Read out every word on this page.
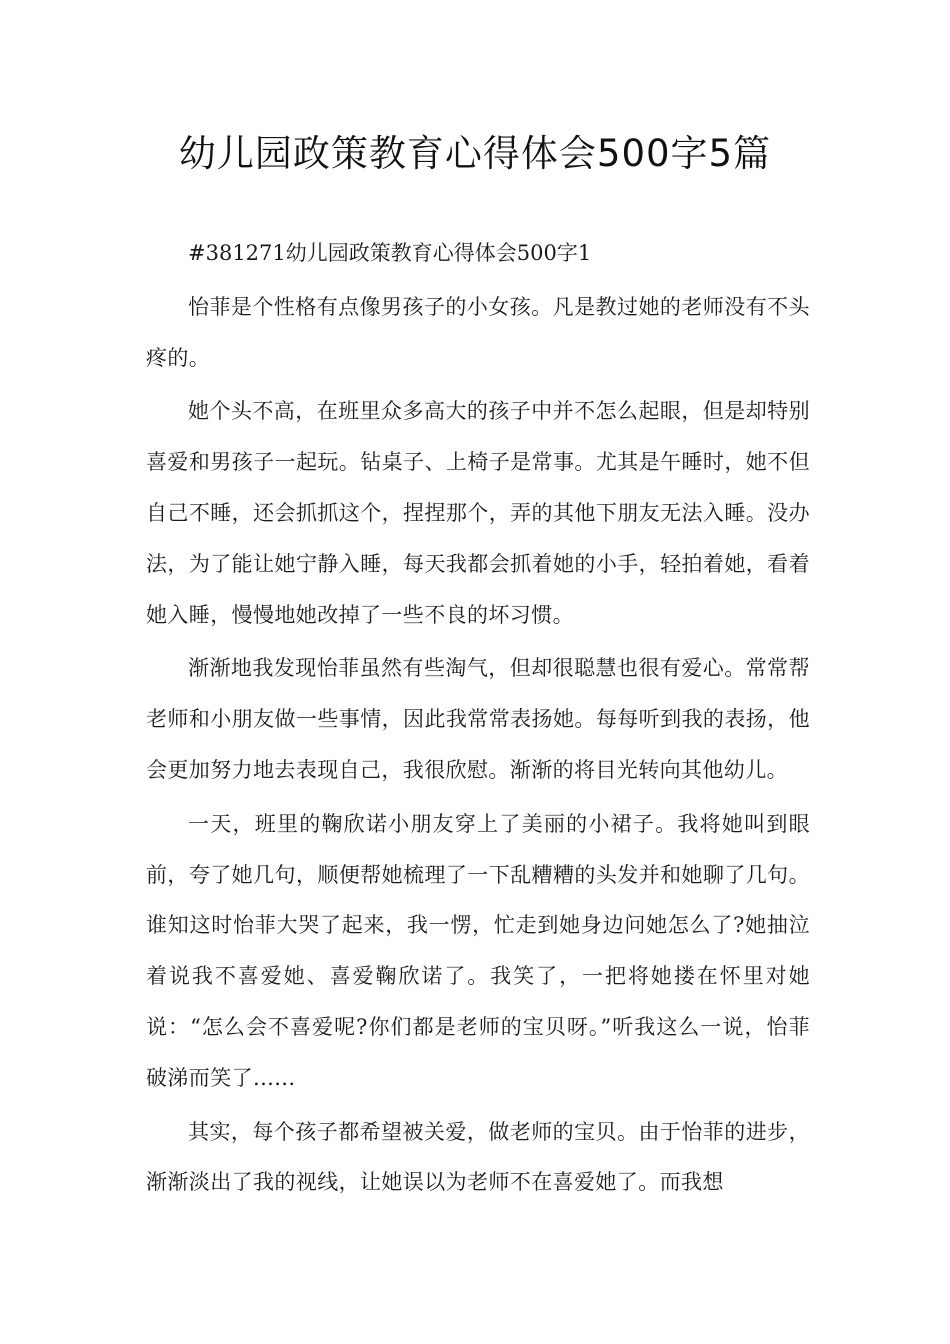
幼儿园政策教育心得体会500字5篇

#381271幼儿园政策教育心得体会500字1

怡菲是个性格有点像男孩子的小女孩。凡是教过她的老师没有不头疼的。

她个头不高，在班里众多高大的孩子中并不怎么起眼，但是却特别喜爱和男孩子一起玩。钻桌子、上椅子是常事。尤其是午睡时，她不但自己不睡，还会抓抓这个，捏捏那个，弄的其他下朋友无法入睡。没办法，为了能让她宁静入睡，每天我都会抓着她的小手，轻拍着她，看着她入睡，慢慢地她改掉了一些不良的坏习惯。

渐渐地我发现怡菲虽然有些淘气，但却很聪慧也很有爱心。常常帮老师和小朋友做一些事情，因此我常常表扬她。每每听到我的表扬，他会更加努力地去表现自己，我很欣慰。渐渐的将目光转向其他幼儿。

一天，班里的鞠欣诺小朋友穿上了美丽的小裙子。我将她叫到眼前，夸了她几句，顺便帮她梳理了一下乱糟糟的头发并和她聊了几句。谁知这时怡菲大哭了起来，我一愣，忙走到她身边问她怎么了?她抽泣着说我不喜爱她、喜爱鞠欣诺了。我笑了，一把将她搂在怀里对她说：“怎么会不喜爱呢?你们都是老师的宝贝呀。”听我这么一说，怡菲破涕而笑了......

其实，每个孩子都希望被关爱，做老师的宝贝。由于怡菲的进步，渐渐淡出了我的视线，让她误以为老师不在喜爱她了。而我想
